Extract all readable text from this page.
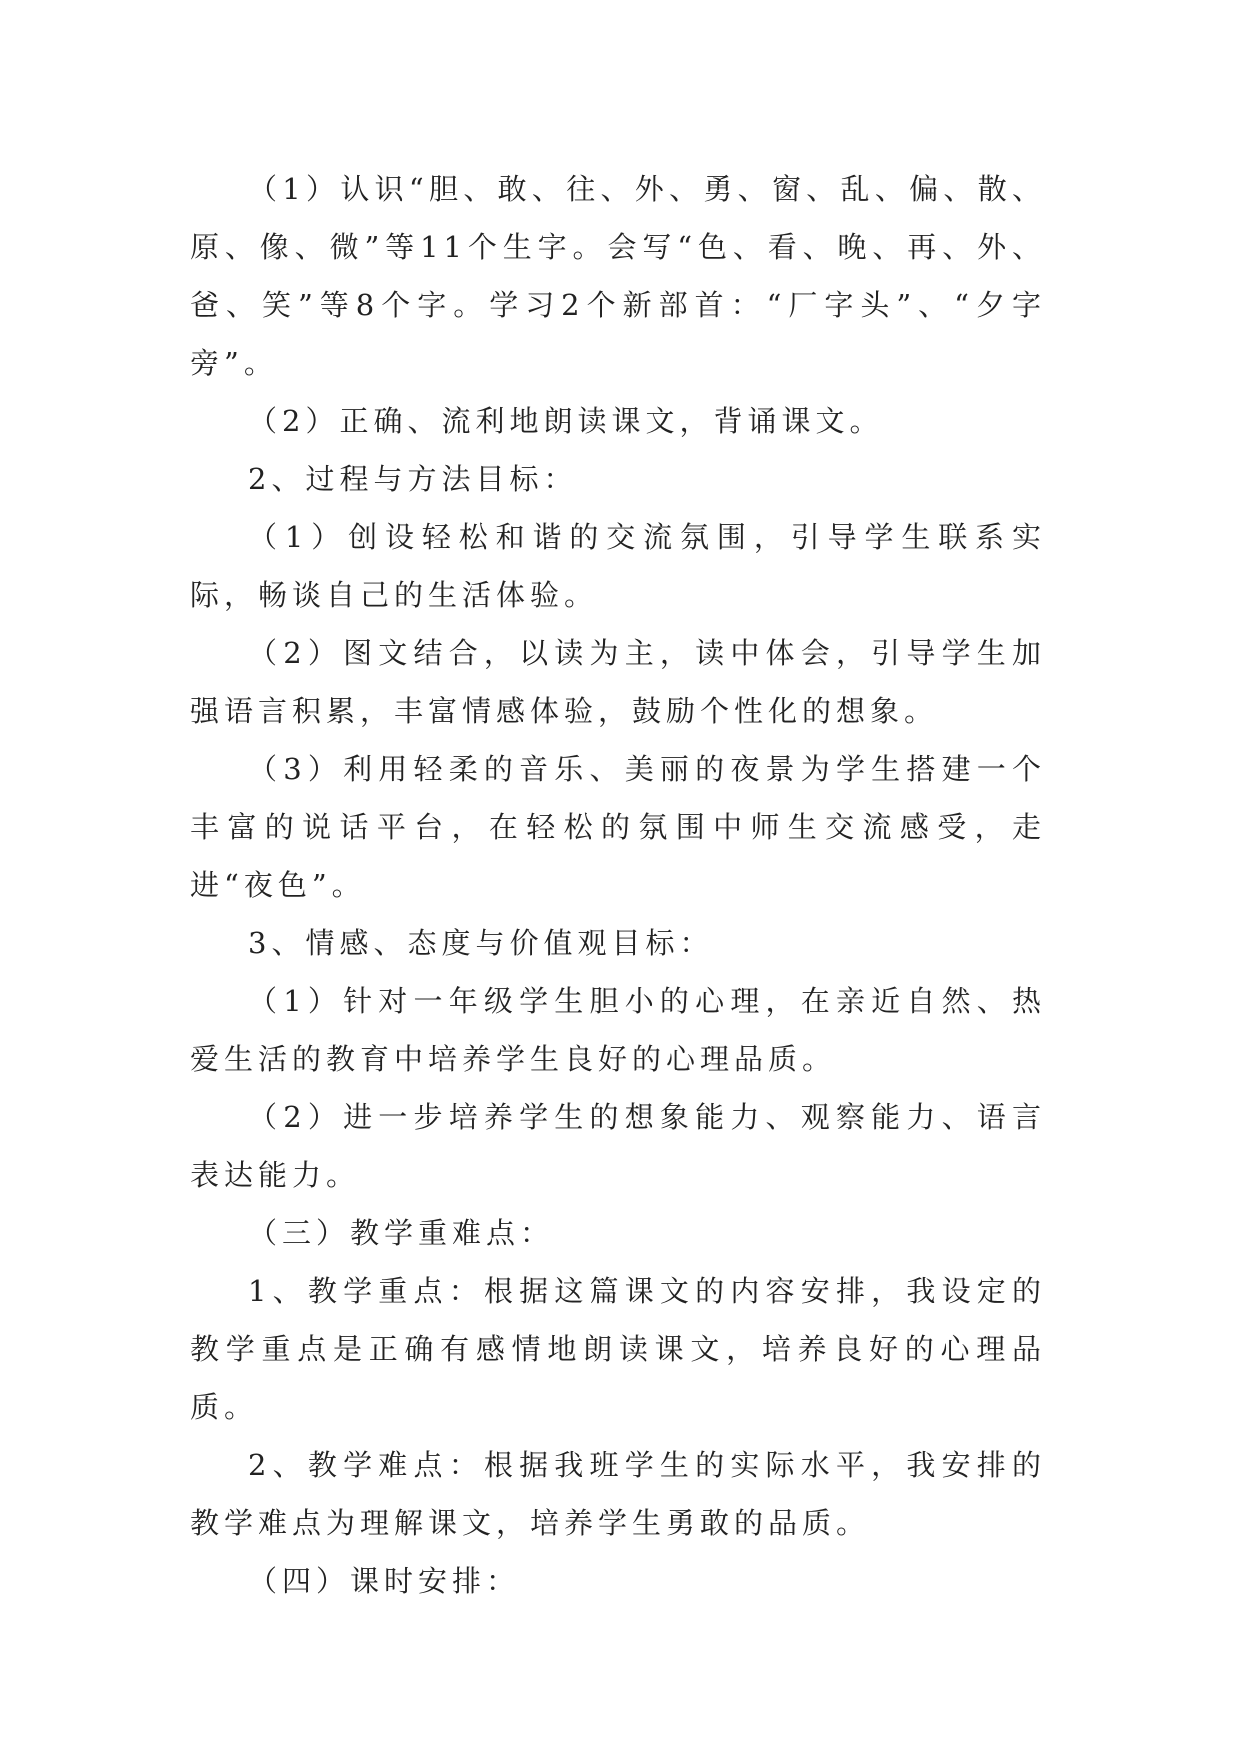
（1）认识“胆、敢、往、外、勇、窗、乱、偏、散、原、像、微”等11个生字。会写“色、看、晚、再、外、爸、笑”等8个字。学习2个新部首：“厂字头”、“夕字旁”。

（2）正确、流利地朗读课文，背诵课文。

2、过程与方法目标：

（1）创设轻松和谐的交流氛围，引导学生联系实际，畅谈自己的生活体验。

（2）图文结合，以读为主，读中体会，引导学生加强语言积累，丰富情感体验，鼓励个性化的想象。

（3）利用轻柔的音乐、美丽的夜景为学生搭建一个丰富的说话平台，在轻松的氛围中师生交流感受，走进“夜色”。

3、情感、态度与价值观目标：

（1）针对一年级学生胆小的心理，在亲近自然、热爱生活的教育中培养学生良好的心理品质。

（2）进一步培养学生的想象能力、观察能力、语言表达能力。

（三）教学重难点：

1、教学重点：根据这篇课文的内容安排，我设定的教学重点是正确有感情地朗读课文，培养良好的心理品质。

2、教学难点：根据我班学生的实际水平，我安排的教学难点为理解课文，培养学生勇敢的品质。

（四）课时安排：
